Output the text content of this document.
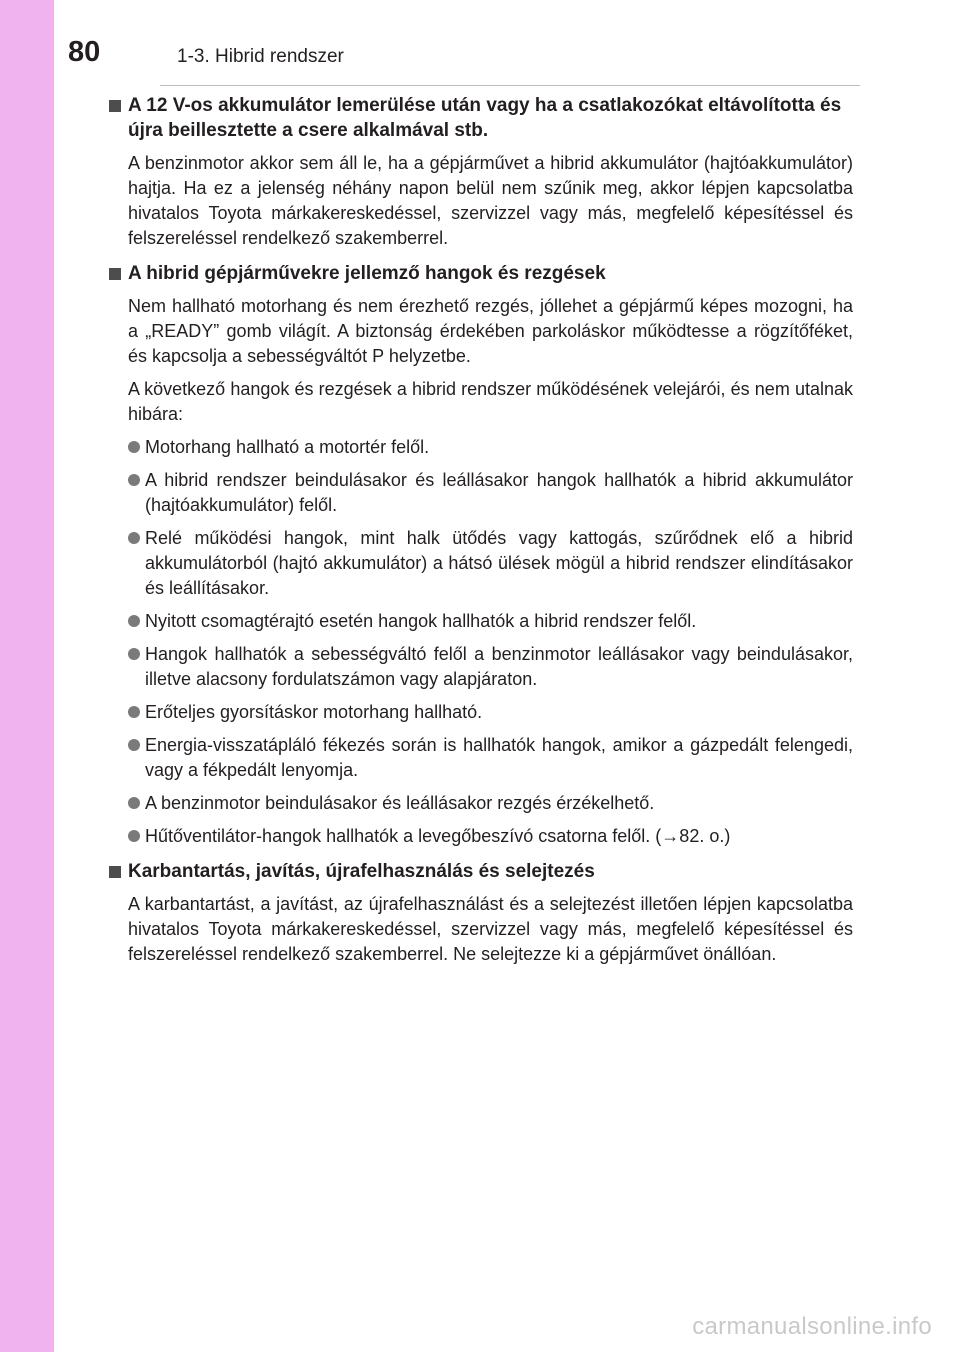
80	1-3. Hibrid rendszer
A 12 V-os akkumulátor lemerülése után vagy ha a csatlakozókat eltávolította és újra beillesztette a csere alkalmával stb.
A benzinmotor akkor sem áll le, ha a gépjárművet a hibrid akkumulátor (hajtóakkumulátor) hajtja. Ha ez a jelenség néhány napon belül nem szűnik meg, akkor lépjen kapcsolatba hivatalos Toyota márkakereskedéssel, szervizzel vagy más, megfelelő képesítéssel és felszereléssel rendelkező szakemberrel.
A hibrid gépjárművekre jellemző hangok és rezgések
Nem hallható motorhang és nem érezhető rezgés, jóllehet a gépjármű képes mozogni, ha a „READY” gomb világít. A biztonság érdekében parkoláskor működtesse a rögzítőféket, és kapcsolja a sebességváltót P helyzetbe.
A következő hangok és rezgések a hibrid rendszer működésének velejárói, és nem utalnak hibára:
Motorhang hallható a motortér felől.
A hibrid rendszer beindulásakor és leállásakor hangok hallhatók a hibrid akkumulátor (hajtóakkumulátor) felől.
Relé működési hangok, mint halk ütődés vagy kattogás, szűrődnek elő a hibrid akkumulátorból (hajtó akkumulátor) a hátsó ülések mögül a hibrid rendszer elindításakor és leállításakor.
Nyitott csomagtérajtó esetén hangok hallhatók a hibrid rendszer felől.
Hangok hallhatók a sebességváltó felől a benzinmotor leállásakor vagy beindulásakor, illetve alacsony fordulatszámon vagy alapjáraton.
Erőteljes gyorsításkor motorhang hallható.
Energia-visszatápláló fékezés során is hallhatók hangok, amikor a gázpedált felengedi, vagy a fékpedált lenyomja.
A benzinmotor beindulásakor és leállásakor rezgés érzékelhető.
Hűtőventilátor-hangok hallhatók a levegőbeszívó csatorna felől. (→82. o.)
Karbantartás, javítás, újrafelhasználás és selejtezés
A karbantartást, a javítást, az újrafelhasználást és a selejtezést illetően lépjen kapcsolatba hivatalos Toyota márkakereskedéssel, szervizzel vagy más, megfelelő képesítéssel és felszereléssel rendelkező szakemberrel. Ne selejtezze ki a gépjárművet önállóan.
carmanualsonline.info
